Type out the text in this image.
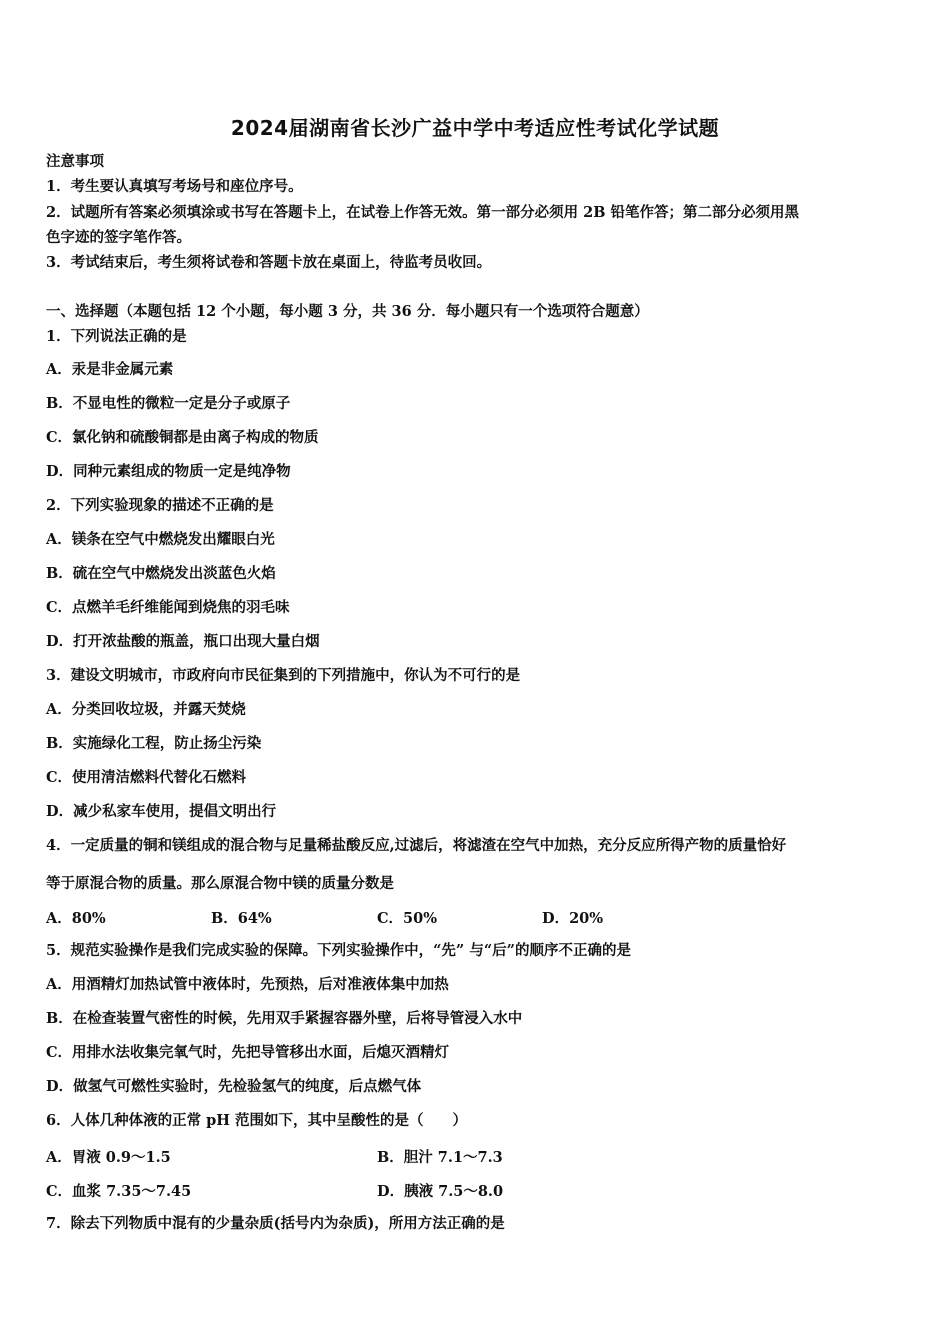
2024届湖南省长沙广益中学中考适应性考试化学试题
注意事项
1．考生要认真填写考场号和座位序号。
2．试题所有答案必须填涂或书写在答题卡上，在试卷上作答无效。第一部分必须用 2B 铅笔作答；第二部分必须用黑
色字迹的签字笔作答。
3．考试结束后，考生须将试卷和答题卡放在桌面上，待监考员收回。
一、选择题（本题包括 12 个小题，每小题 3 分，共 36 分．每小题只有一个选项符合题意）
1．下列说法正确的是
A．汞是非金属元素
B．不显电性的微粒一定是分子或原子
C．氯化钠和硫酸铜都是由离子构成的物质
D．同种元素组成的物质一定是纯净物
2．下列实验现象的描述不正确的是
A．镁条在空气中燃烧发出耀眼白光
B．硫在空气中燃烧发出淡蓝色火焰
C．点燃羊毛纤维能闻到烧焦的羽毛味
D．打开浓盐酸的瓶盖，瓶口出现大量白烟
3．建设文明城市，市政府向市民征集到的下列措施中，你认为不可行的是
A．分类回收垃圾，并露天焚烧
B．实施绿化工程，防止扬尘污染
C．使用清洁燃料代替化石燃料
D．减少私家车使用，提倡文明出行
4．一定质量的铜和镁组成的混合物与足量稀盐酸反应,过滤后，将滤渣在空气中加热，充分反应所得产物的质量恰好
等于原混合物的质量。那么原混合物中镁的质量分数是
A．80%	B．64%	C．50%	D．20%
5．规范实验操作是我们完成实验的保障。下列实验操作中，“先” 与“后”的顺序不正确的是
A．用酒精灯加热试管中液体时，先预热，后对准液体集中加热
B．在检查装置气密性的时候，先用双手紧握容器外壁，后将导管浸入水中
C．用排水法收集完氧气时，先把导管移出水面，后熄灭酒精灯
D．做氢气可燃性实验时，先检验氢气的纯度，后点燃气体
6．人体几种体液的正常 pH 范围如下，其中呈酸性的是（　　）
A．胃液 0.9～1.5	B．胆汁 7.1～7.3
C．血浆 7.35～7.45	D．胰液 7.5～8.0
7．除去下列物质中混有的少量杂质(括号内为杂质)，所用方法正确的是
